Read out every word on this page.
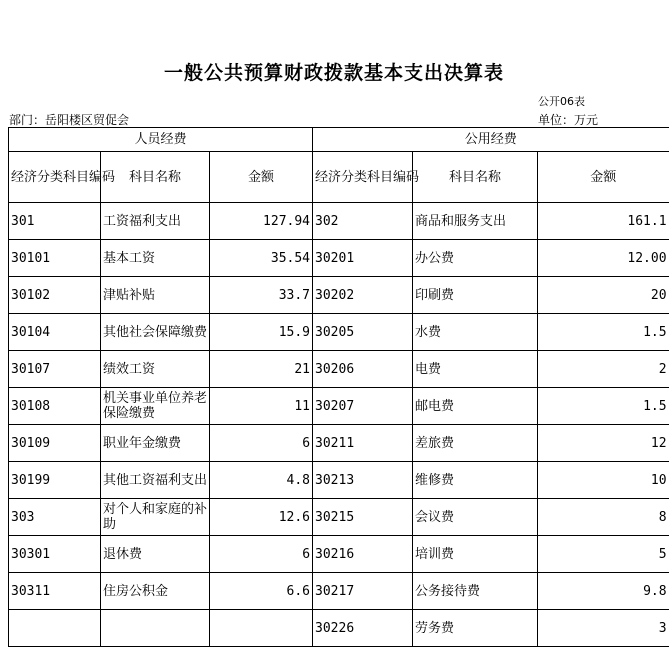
一般公共预算财政拨款基本支出决算表
公开06表
部门：岳阳楼区贸促会	单位：万元
人员经费			公用经费		
经济分类科目编码	科目名称	金额	经济分类科目编码	科目名称	金额
301	工资福利支出	127.94	302	商品和服务支出	161.1
30101	基本工资	35.54	30201	办公费	12.00
30102	津贴补贴	33.7	30202	印刷费	20
30104	其他社会保障缴费	15.9	30205	水费	1.5
30107	绩效工资	21	30206	电费	2
30108	机关事业单位养老保险缴费	11	30207	邮电费	1.5
30109	职业年金缴费	6	30211	差旅费	12
30199	其他工资福利支出	4.8	30213	维修费	10
303	对个人和家庭的补助	12.6	30215	会议费	8
30301	退休费	6	30216	培训费	5
30311	住房公积金	6.6	30217	公务接待费	9.8
			30226	劳务费	3
